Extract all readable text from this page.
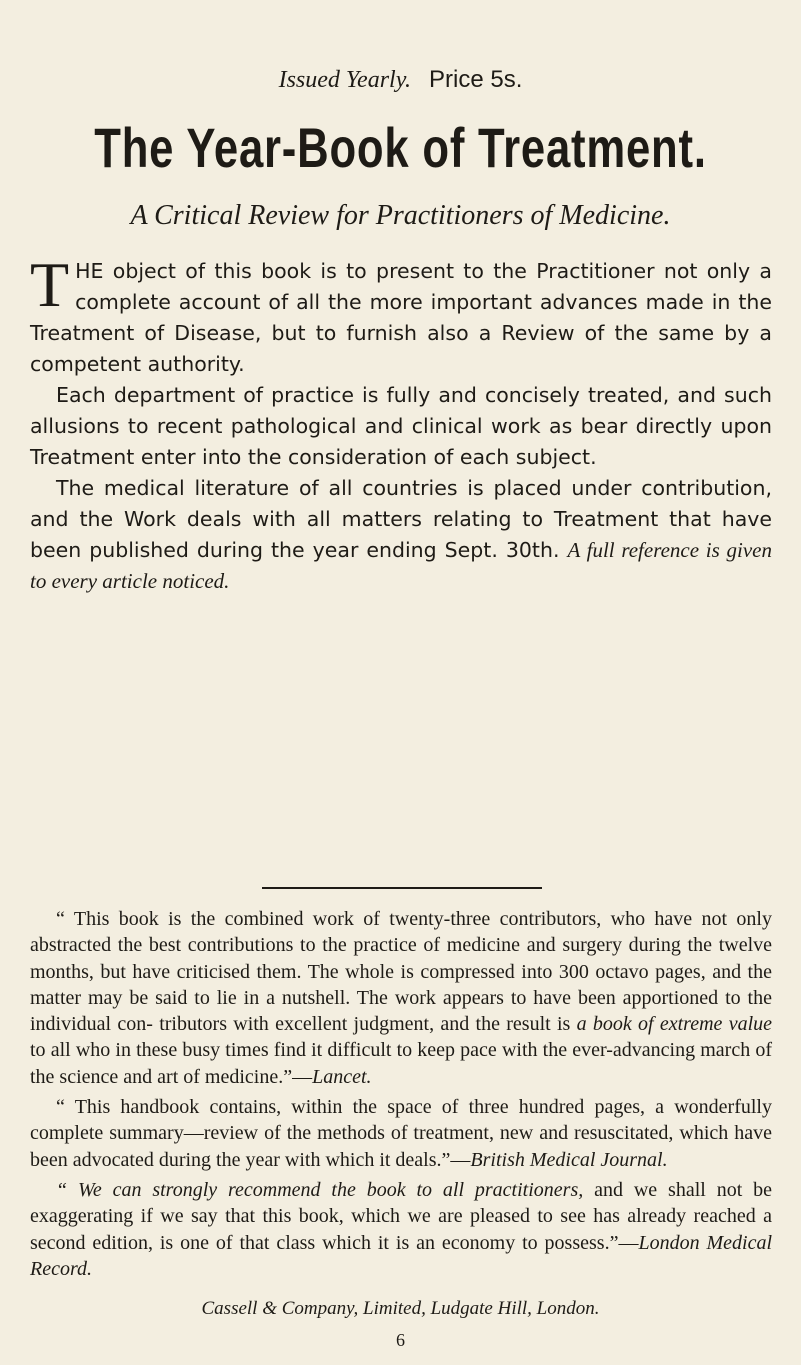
Issued Yearly. Price 5s.
The Year-Book of Treatment.
A Critical Review for Practitioners of Medicine.

THE object of this book is to present to the Practitioner not only a complete account of all the more important advances made in the Treatment of Disease, but to furnish also a Review of the same by a competent authority.

Each department of practice is fully and concisely treated, and such allusions to recent pathological and clinical work as bear directly upon Treatment enter into the consideration of each subject.

The medical literature of all countries is placed under contribution, and the Work deals with all matters relating to Treatment that have been published during the year ending Sept. 30th. A full reference is given to every article noticed.

“ This book is the combined work of twenty-three contributors, who have not only abstracted the best contributions to the practice of medicine and surgery during the twelve months, but have criticised them. The whole is compressed into 300 octavo pages, and the matter may be said to lie in a nutshell. The work appears to have been apportioned to the individual con- tributors with excellent judgment, and the result is a book of extreme value to all who in these busy times find it difficult to keep pace with the ever-advancing march of the science and art of medicine.”—Lancet.

“ This handbook contains, within the space of three hundred pages, a wonderfully complete summary—review of the methods of treatment, new and resuscitated, which have been advocated during the year with which it deals.”—British Medical Journal.

“ We can strongly recommend the book to all practitioners, and we shall not be exaggerating if we say that this book, which we are pleased to see has already reached a second edition, is one of that class which it is an economy to possess.”—London Medical Record.

Cassell & Company, Limited, Ludgate Hill, London.
6
